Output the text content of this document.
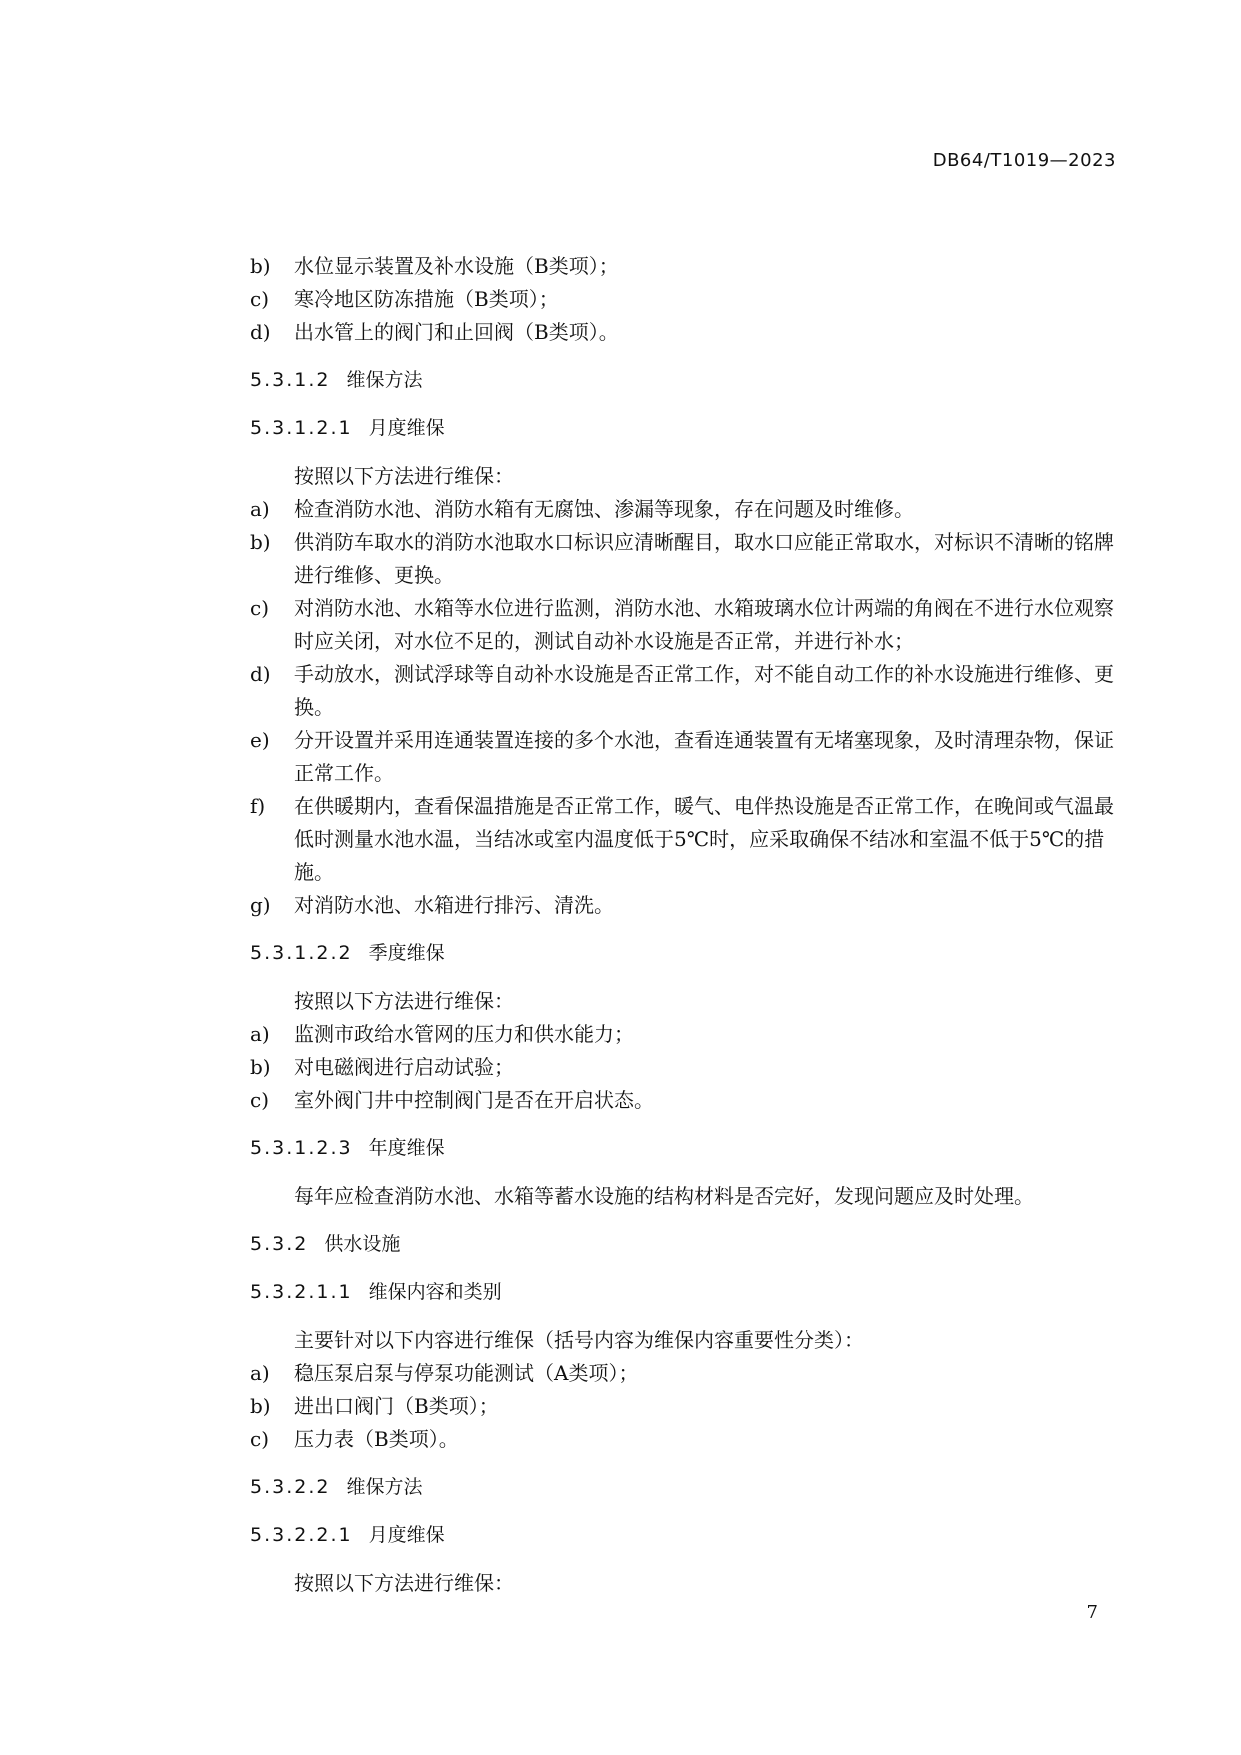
DB64/T1019—2023
b) 水位显示装置及补水设施（B类项）；
c) 寒冷地区防冻措施（B类项）；
d) 出水管上的阀门和止回阀（B类项）。
5.3.1.2 维保方法
5.3.1.2.1 月度维保
按照以下方法进行维保：
a) 检查消防水池、消防水箱有无腐蚀、渗漏等现象，存在问题及时维修。
b) 供消防车取水的消防水池取水口标识应清晰醒目，取水口应能正常取水，对标识不清晰的铭牌进行维修、更换。
c) 对消防水池、水箱等水位进行监测，消防水池、水箱玻璃水位计两端的角阀在不进行水位观察时应关闭，对水位不足的，测试自动补水设施是否正常，并进行补水；
d) 手动放水，测试浮球等自动补水设施是否正常工作，对不能自动工作的补水设施进行维修、更换。
e) 分开设置并采用连通装置连接的多个水池，查看连通装置有无堵塞现象，及时清理杂物，保证正常工作。
f) 在供暖期内，查看保温措施是否正常工作，暖气、电伴热设施是否正常工作，在晚间或气温最低时测量水池水温，当结冰或室内温度低于5℃时，应采取确保不结冰和室温不低于5℃的措施。
g) 对消防水池、水箱进行排污、清洗。
5.3.1.2.2 季度维保
按照以下方法进行维保：
a) 监测市政给水管网的压力和供水能力；
b) 对电磁阀进行启动试验；
c) 室外阀门井中控制阀门是否在开启状态。
5.3.1.2.3 年度维保
每年应检查消防水池、水箱等蓄水设施的结构材料是否完好，发现问题应及时处理。
5.3.2 供水设施
5.3.2.1.1 维保内容和类别
主要针对以下内容进行维保（括号内容为维保内容重要性分类）：
a) 稳压泵启泵与停泵功能测试（A类项）；
b) 进出口阀门（B类项）；
c) 压力表（B类项）。
5.3.2.2 维保方法
5.3.2.2.1 月度维保
按照以下方法进行维保：
7
